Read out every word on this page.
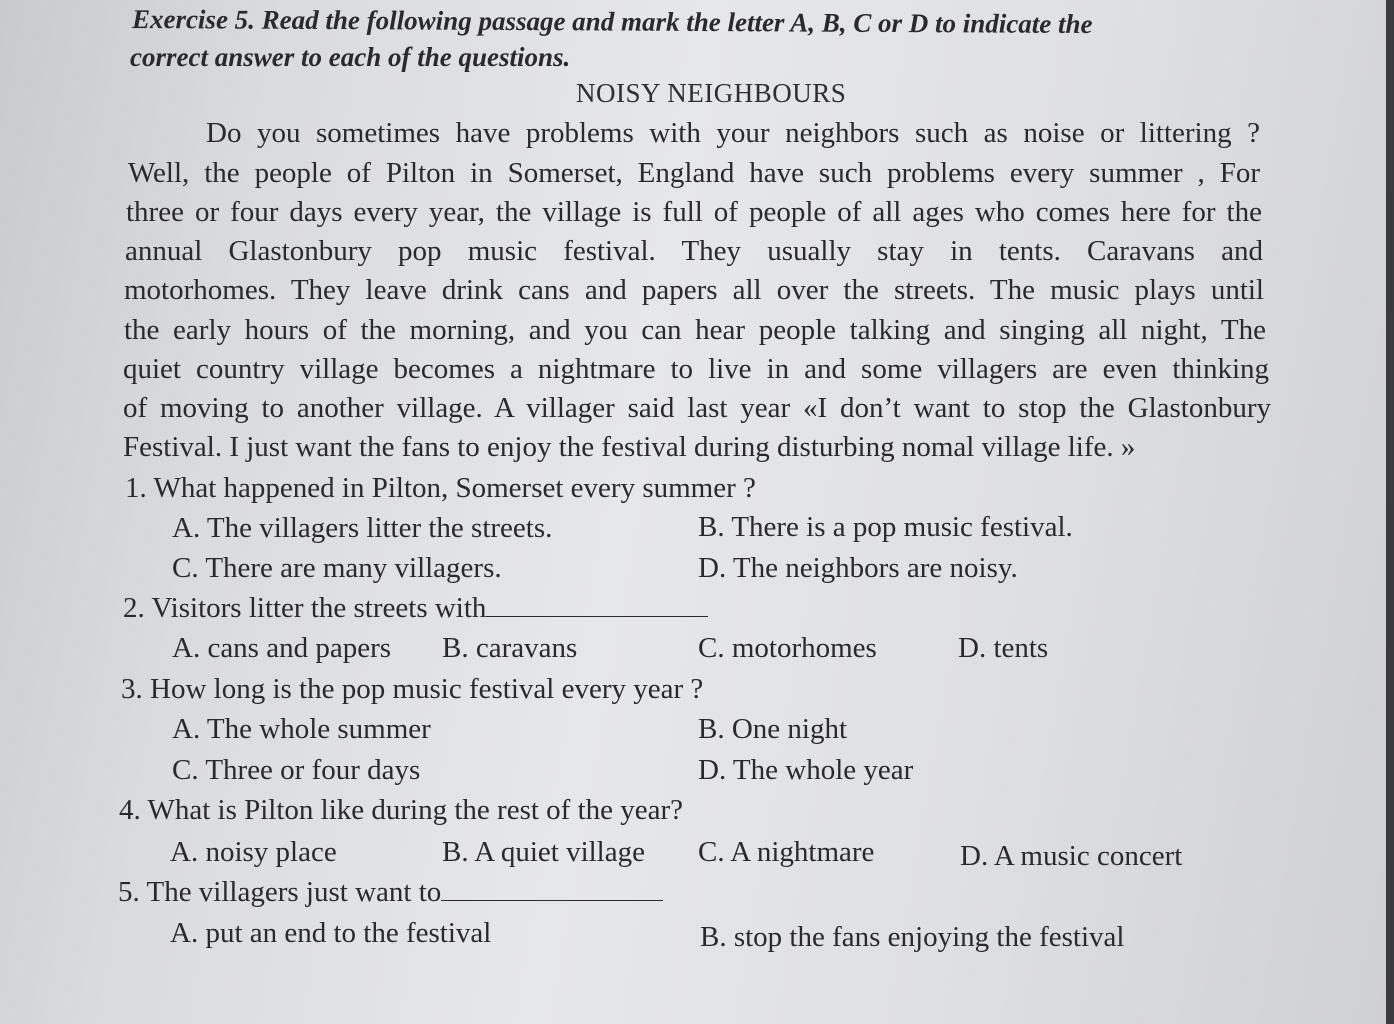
Exercise 5. Read the following passage and mark the letter A, B, C or D to indicate the
correct answer to each of the questions.
NOISY NEIGHBOURS
Do you sometimes have problems with your neighbors such as noise or littering ?
Well, the people of Pilton in Somerset, England have such problems every summer , For
three or four days every year, the village is full of people of all ages who comes here for the
annual Glastonbury pop music festival. They usually stay in tents. Caravans and
motorhomes. They leave drink cans and papers all over the streets. The music plays until
the early hours of the morning, and you can hear people talking and singing all night, The
quiet country village becomes a nightmare to live in and some villagers are even thinking
of moving to another village. A villager said last year «I don’t want to stop the Glastonbury
Festival. I just want the fans to enjoy the festival during disturbing nomal village life. »
1. What happened in Pilton, Somerset every summer ?
A. The villagers litter the streets.	B. There is a pop music festival.
C. There are many villagers.	D. The neighbors are noisy.
2. Visitors litter the streets with
A. cans and papers B. caravans	C. motorhomes	D. tents
3. How long is the pop music festival every year ?
A. The whole summer	B. One night
C. Three or four days	D. The whole year
4. What is Pilton like during the rest of the year?
A. noisy place	B. A quiet village C. A nightmare	D. A music concert
5. The villagers just want to
A. put an end to the festival	B. stop the fans enjoying the festival
